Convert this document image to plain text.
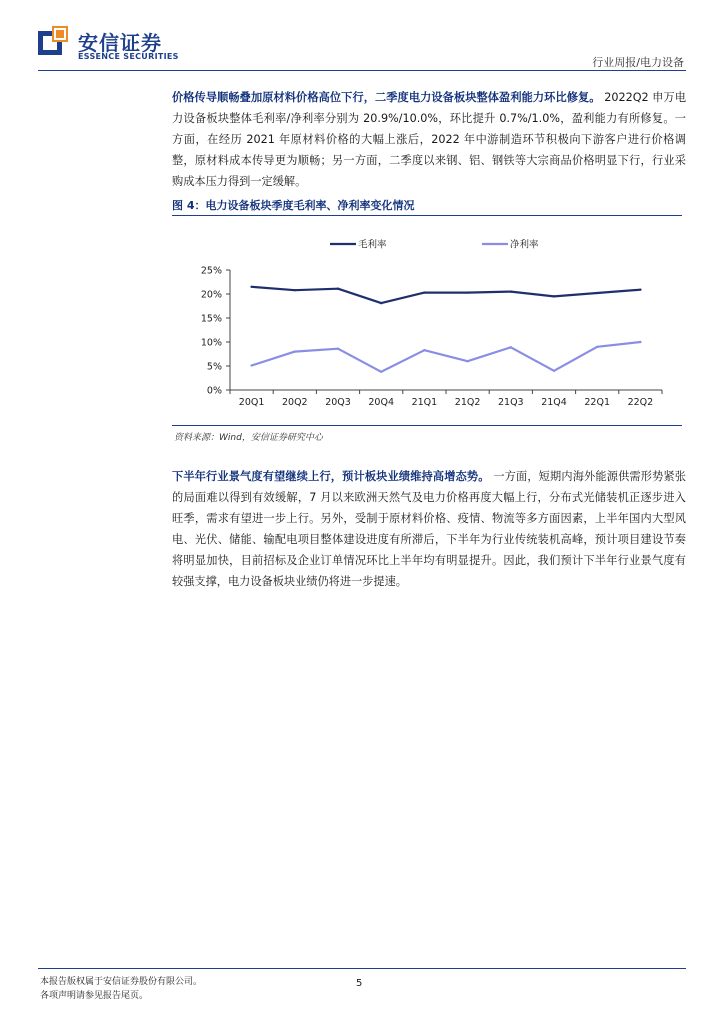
安信证券
ESSENCE SECURITIES	行业周报/电力设备
价格传导顺畅叠加原材料价格高位下行，二季度电力设备板块整体盈利能力环比修复。 2022Q2 申万电力设备板块整体毛利率/净利率分别为 20.9%/10.0%，环比提升 0.7%/1.0%，盈利能力有所修复。一方面，在经历 2021 年原材料价格的大幅上涨后，2022 年中游制造环节积极向下游客户进行价格调整，原材料成本传导更为顺畅；另一方面，二季度以来钢、铝、钢铁等大宗商品价格明显下行，行业采购成本压力得到一定缓解。
图 4：电力设备板块季度毛利率、净利率变化情况
0%
5%
10%
15%
20%
25%
20Q1 20Q2 20Q3 20Q4 21Q1 21Q2 21Q3 21Q4 22Q1 22Q2
毛利率	净利率
资料来源：Wind，安信证券研究中心
下半年行业景气度有望继续上行，预计板块业绩维持高增态势。 一方面，短期内海外能源供需形势紧张的局面难以得到有效缓解，7 月以来欧洲天然气及电力价格再度大幅上行，分布式光储装机正逐步进入旺季，需求有望进一步上行。另外，受制于原材料价格、疫情、物流等多方面因素，上半年国内大型风电、光伏、储能、输配电项目整体建设进度有所滞后，下半年为行业传统装机高峰，预计项目建设节奏将明显加快，目前招标及企业订单情况环比上半年均有明显提升。因此，我们预计下半年行业景气度有较强支撑，电力设备板块业绩仍将进一步提速。
本报告版权属于安信证券股份有限公司。
各项声明请参见报告尾页。
5
